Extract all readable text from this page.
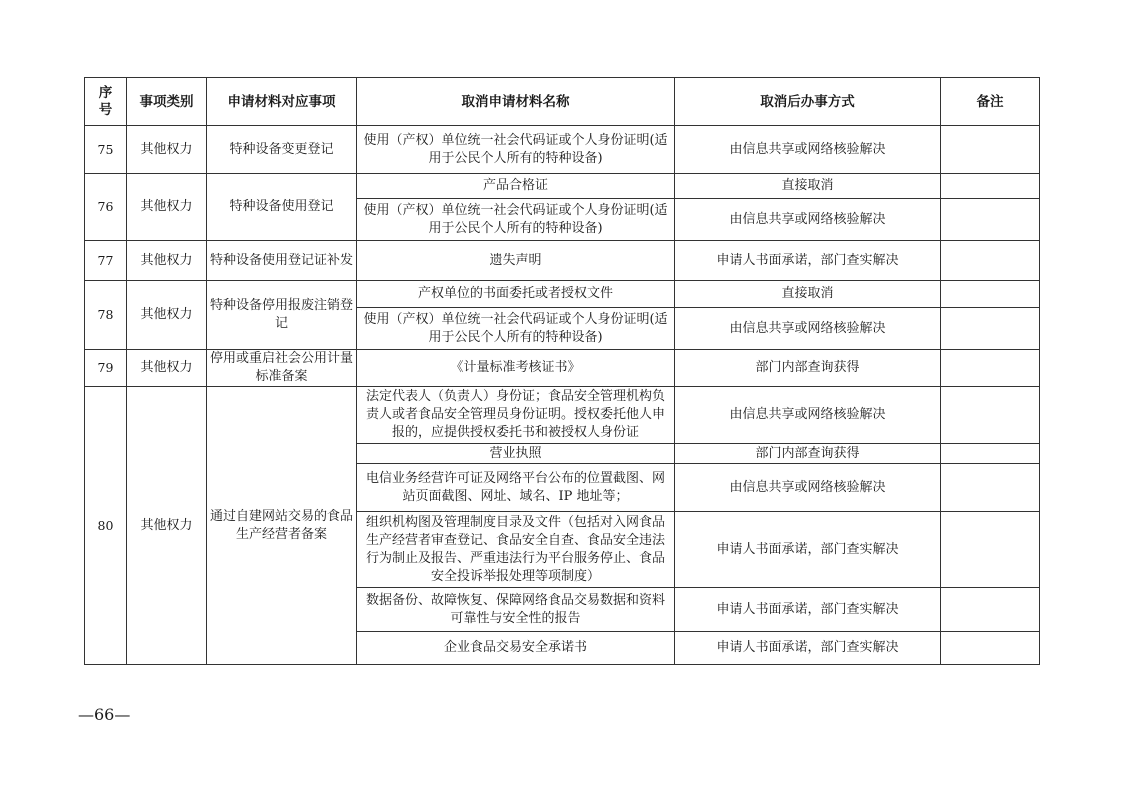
序号	事项类别	申请材料对应事项	取消申请材料名称	取消后办事方式	备注
75	其他权力	特种设备变更登记	使用（产权）单位统一社会代码证或个人身份证明(适用于公民个人所有的特种设备)	由信息共享或网络核验解决	
76	其他权力	特种设备使用登记	产品合格证	直接取消	
			使用（产权）单位统一社会代码证或个人身份证明(适用于公民个人所有的特种设备)	由信息共享或网络核验解决	
77	其他权力	特种设备使用登记证补发	遗失声明	申请人书面承诺，部门查实解决	
78	其他权力	特种设备停用报废注销登记	产权单位的书面委托或者授权文件	直接取消	
			使用（产权）单位统一社会代码证或个人身份证明(适用于公民个人所有的特种设备)	由信息共享或网络核验解决	
79	其他权力	停用或重启社会公用计量标准备案	《计量标准考核证书》	部门内部查询获得	
80	其他权力	通过自建网站交易的食品生产经营者备案	法定代表人（负责人）身份证；食品安全管理机构负责人或者食品安全管理员身份证明。授权委托他人申报的，应提供授权委托书和被授权人身份证	由信息共享或网络核验解决	
			营业执照	部门内部查询获得	
			电信业务经营许可证及网络平台公布的位置截图、网站页面截图、网址、域名、IP 地址等；	由信息共享或网络核验解决	
			组织机构图及管理制度目录及文件（包括对入网食品生产经营者审查登记、食品安全自查、食品安全违法行为制止及报告、严重违法行为平台服务停止、食品安全投诉举报处理等项制度）	申请人书面承诺，部门查实解决	
			数据备份、故障恢复、保障网络食品交易数据和资料可靠性与安全性的报告	申请人书面承诺，部门查实解决	
			企业食品交易安全承诺书	申请人书面承诺，部门查实解决	
—66—
